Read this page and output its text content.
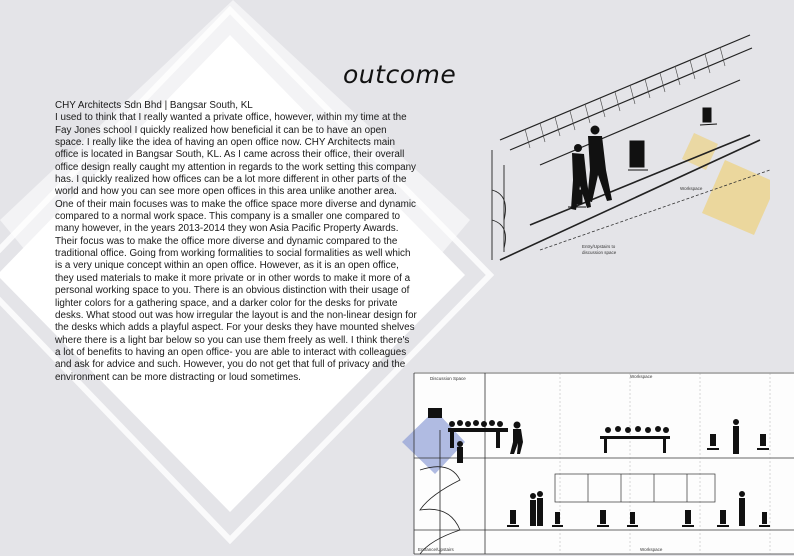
outcome

CHY Architects Sdn Bhd | Bangsar South, KL

I used to think that I really wanted a private office, however, within my time at the Fay Jones school I quickly realized how beneficial it can be to have an open space. I really like the idea of having an open office now. CHY Architects main office is located in Bangsar South, KL. As I came across their office, their overall office design really caught my attention in regards to the work setting this company has. I quickly realized how offices can be a lot more different in other parts of the world and how you can see more open offices in this area unlike another area. One of their main focuses was to make the office space more diverse and dynamic compared to a normal work space. This company is a smaller one compared to many however, in the years 2013-2014 they won Asia Pacific Property Awards.

Their focus was to make the office more diverse and dynamic compared to the traditional office. Going from working formalities to social formalities as well which is a very unique concept within an open office. However, as it is an open office, they used materials to make it more private or in other words to make it more of a personal working space to you. There is an obvious distinction with their usage of lighter colors for a gathering space, and a darker color for the desks for private desks. What stood out was how irregular the layout is and the non-linear design for the desks which adds a playful aspect. For your desks they have mounted shelves where there is a light bar below so you can use them freely as well. I think there's a lot of benefits to having an open office- you are able to interact with colleagues and ask for advice and such. However, you do not get that full of privacy and the environment can be more distracting or loud sometimes.

Workspace
Entry/Upstairs to
discussion space
Discussion Space	Workspace
Entrance/Upstairs	Workspace
